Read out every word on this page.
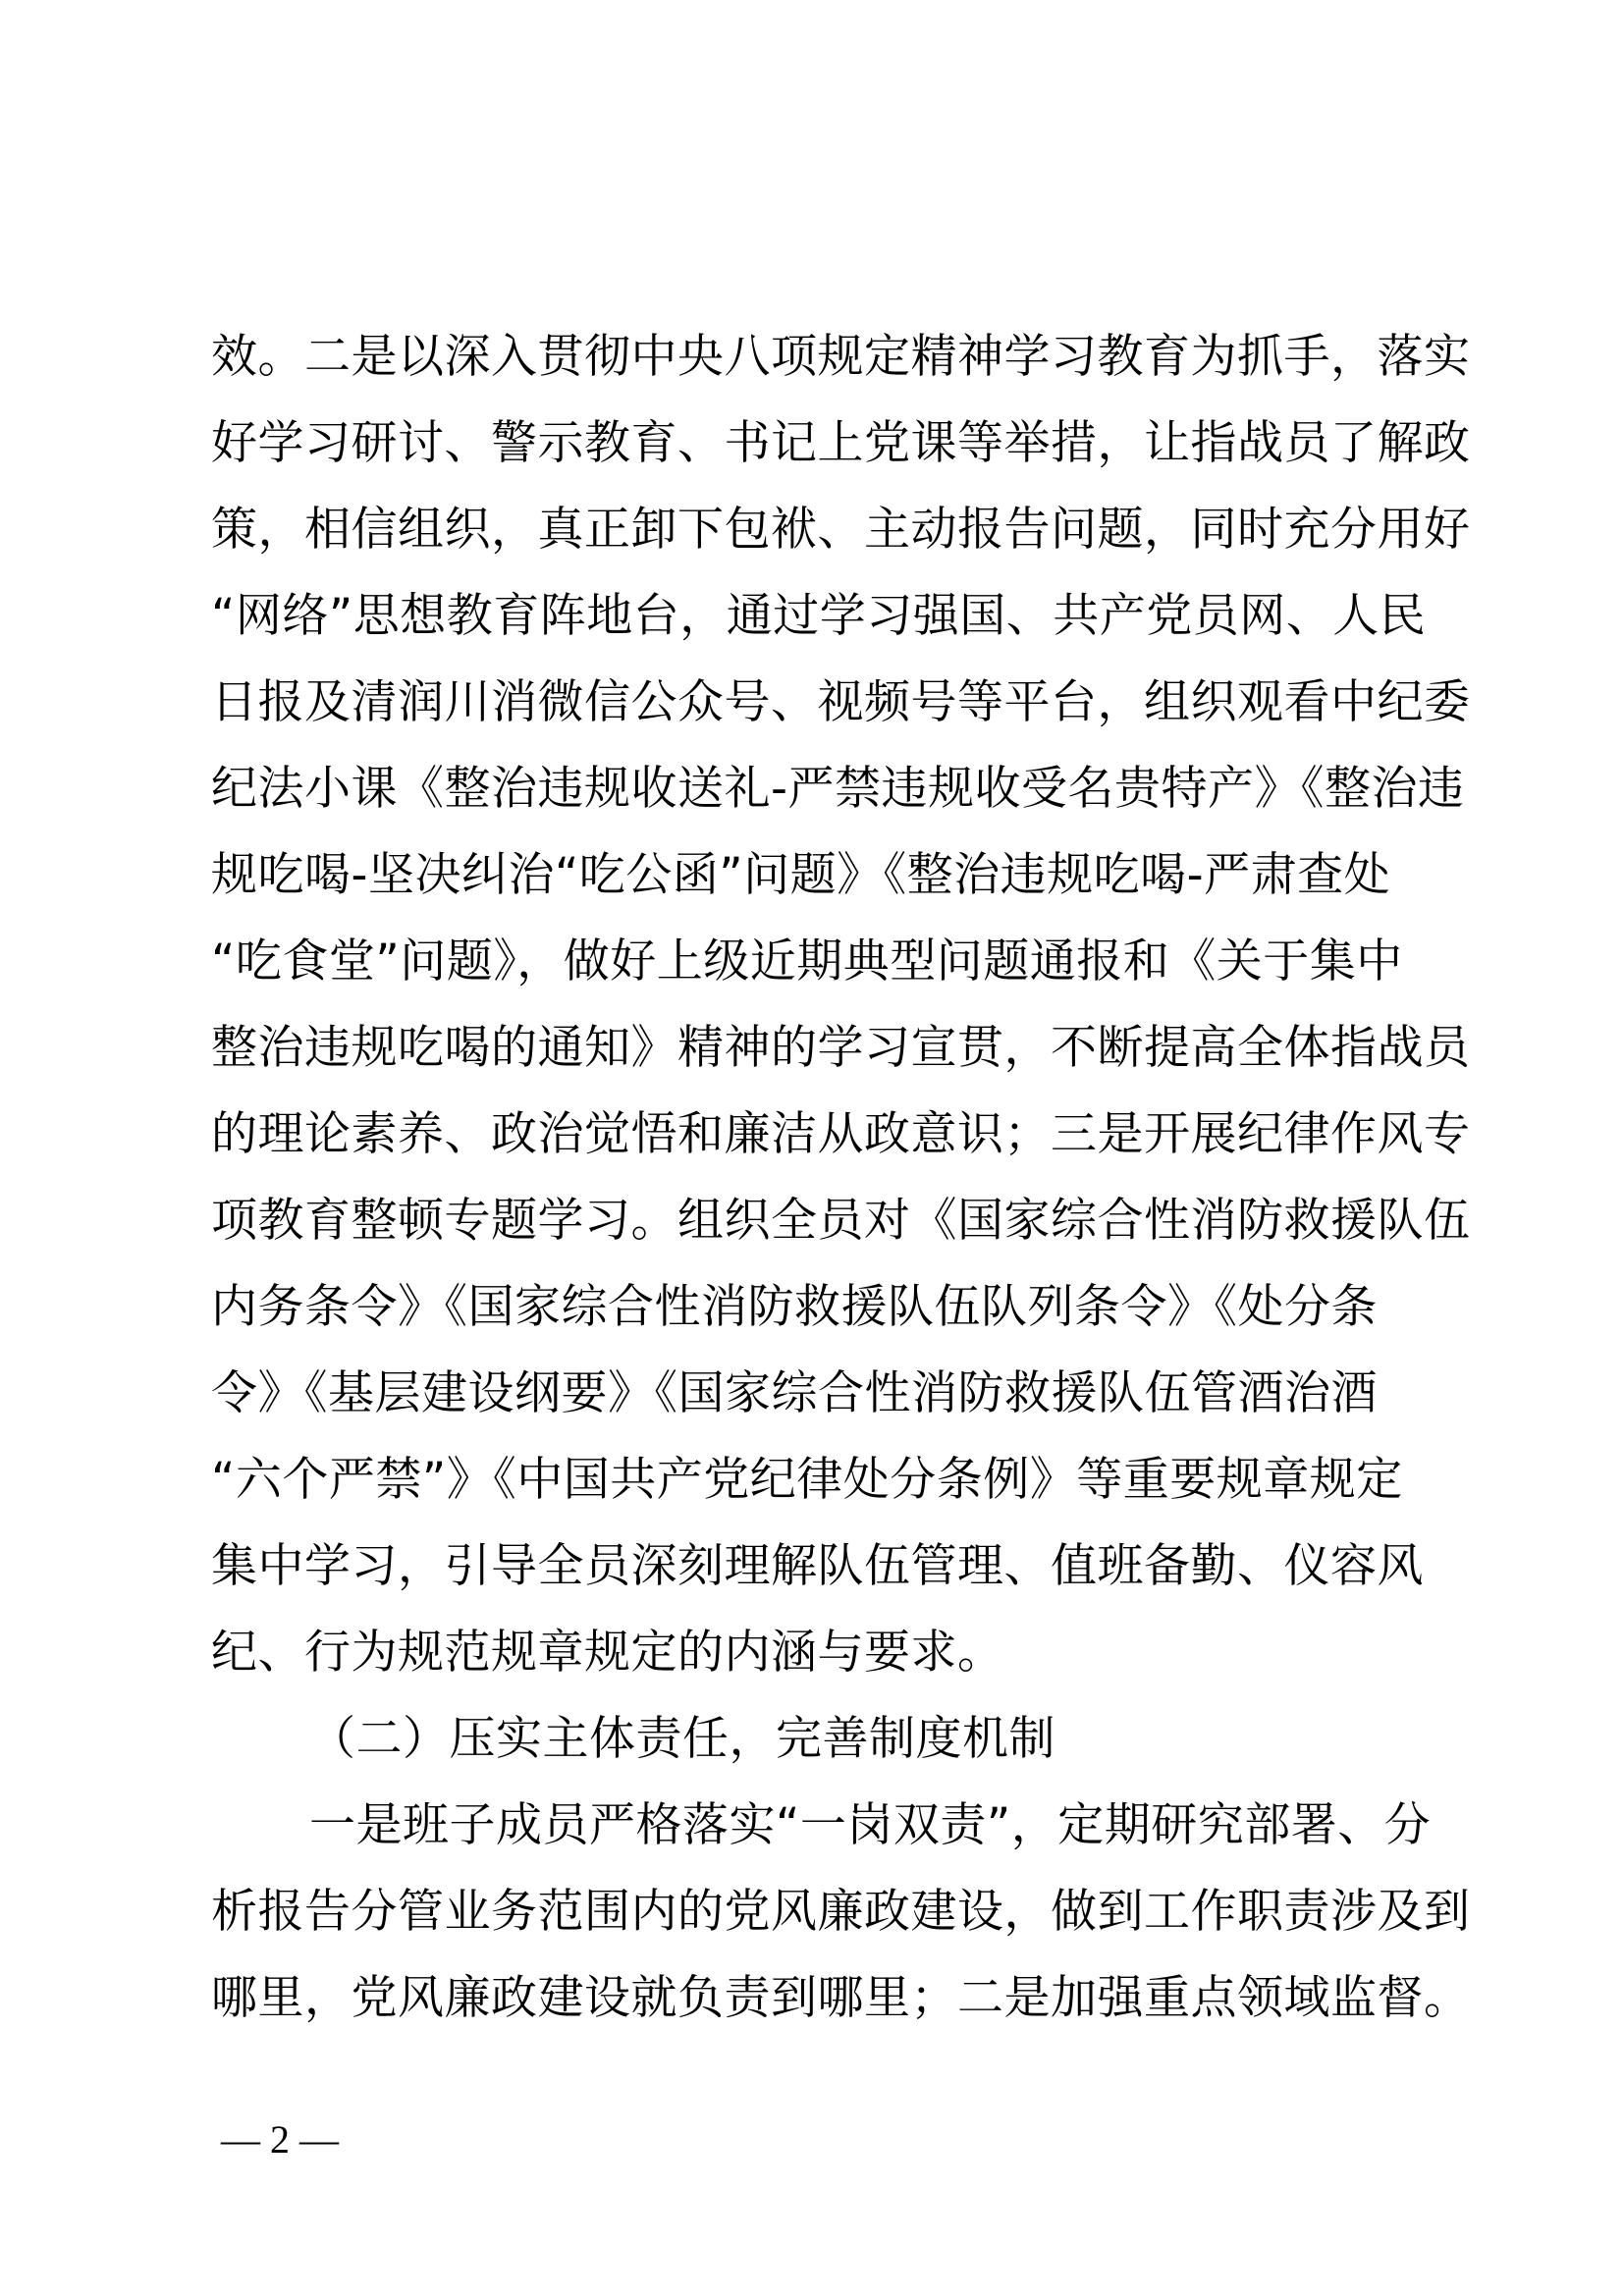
效。二是以深入贯彻中央八项规定精神学习教育为抓手，落实
好学习研讨、警示教育、书记上党课等举措，让指战员了解政
策，相信组织，真正卸下包袱、主动报告问题，同时充分用好
“网络”思想教育阵地台，通过学习强国、共产党员网、人民
日报及清润川消微信公众号、视频号等平台，组织观看中纪委
纪法小课《整治违规收送礼-严禁违规收受名贵特产》《整治违
规吃喝-坚决纠治“吃公函”问题》《整治违规吃喝-严肃查处
“吃食堂”问题》，做好上级近期典型问题通报和《关于集中
整治违规吃喝的通知》精神的学习宣贯，不断提高全体指战员
的理论素养、政治觉悟和廉洁从政意识；三是开展纪律作风专
项教育整顿专题学习。组织全员对《国家综合性消防救援队伍
内务条令》《国家综合性消防救援队伍队列条令》《处分条
令》《基层建设纲要》《国家综合性消防救援队伍管酒治酒
“六个严禁”》《中国共产党纪律处分条例》等重要规章规定
集中学习，引导全员深刻理解队伍管理、值班备勤、仪容风
纪、行为规范规章规定的内涵与要求。
（二）压实主体责任，完善制度机制
一是班子成员严格落实“一岗双责”，定期研究部署、分
析报告分管业务范围内的党风廉政建设，做到工作职责涉及到
哪里，党风廉政建设就负责到哪里；二是加强重点领域监督。
— 2 —
